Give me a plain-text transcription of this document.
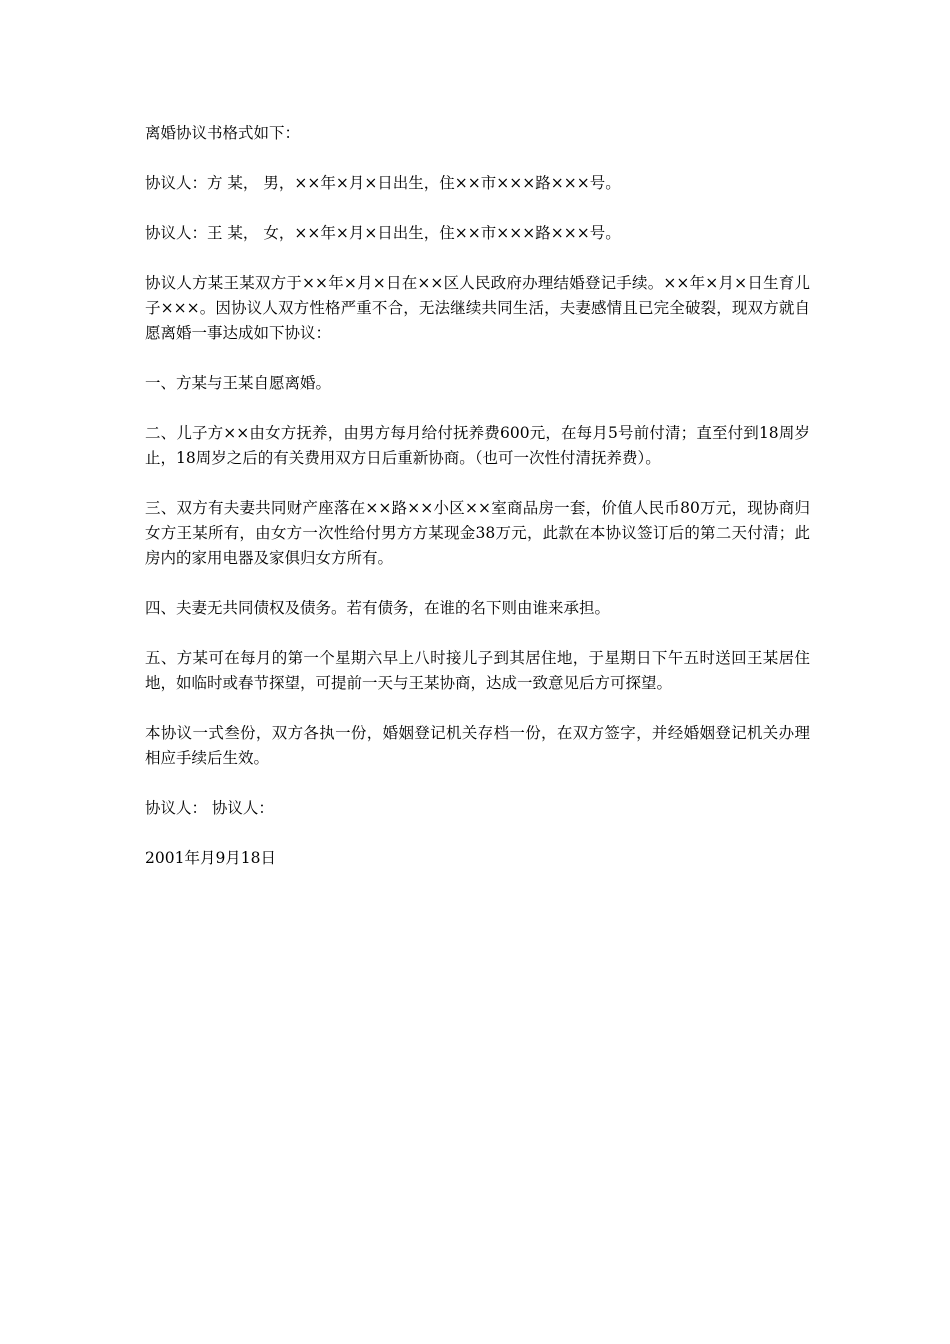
离婚协议书格式如下：

协议人：方 某， 男，××年×月×日出生，住××市×××路×××号。

协议人：王 某， 女，××年×月×日出生，住××市×××路×××号。

协议人方某王某双方于××年×月×日在××区人民政府办理结婚登记手续。××年×月×日生育儿子×××。因协议人双方性格严重不合，无法继续共同生活，夫妻感情且已完全破裂，现双方就自愿离婚一事达成如下协议：

一、方某与王某自愿离婚。

二、儿子方××由女方抚养，由男方每月给付抚养费600元，在每月5号前付清；直至付到18周岁止，18周岁之后的有关费用双方日后重新协商。（也可一次性付清抚养费）。

三、双方有夫妻共同财产座落在××路××小区××室商品房一套，价值人民币80万元，现协商归女方王某所有，由女方一次性给付男方方某现金38万元，此款在本协议签订后的第二天付清；此房内的家用电器及家俱归女方所有。

四、夫妻无共同债权及债务。若有债务，在谁的名下则由谁来承担。

五、方某可在每月的第一个星期六早上八时接儿子到其居住地，于星期日下午五时送回王某居住地，如临时或春节探望，可提前一天与王某协商，达成一致意见后方可探望。

本协议一式叁份，双方各执一份，婚姻登记机关存档一份，在双方签字，并经婚姻登记机关办理相应手续后生效。

协议人： 协议人：

2001年月9月18日
